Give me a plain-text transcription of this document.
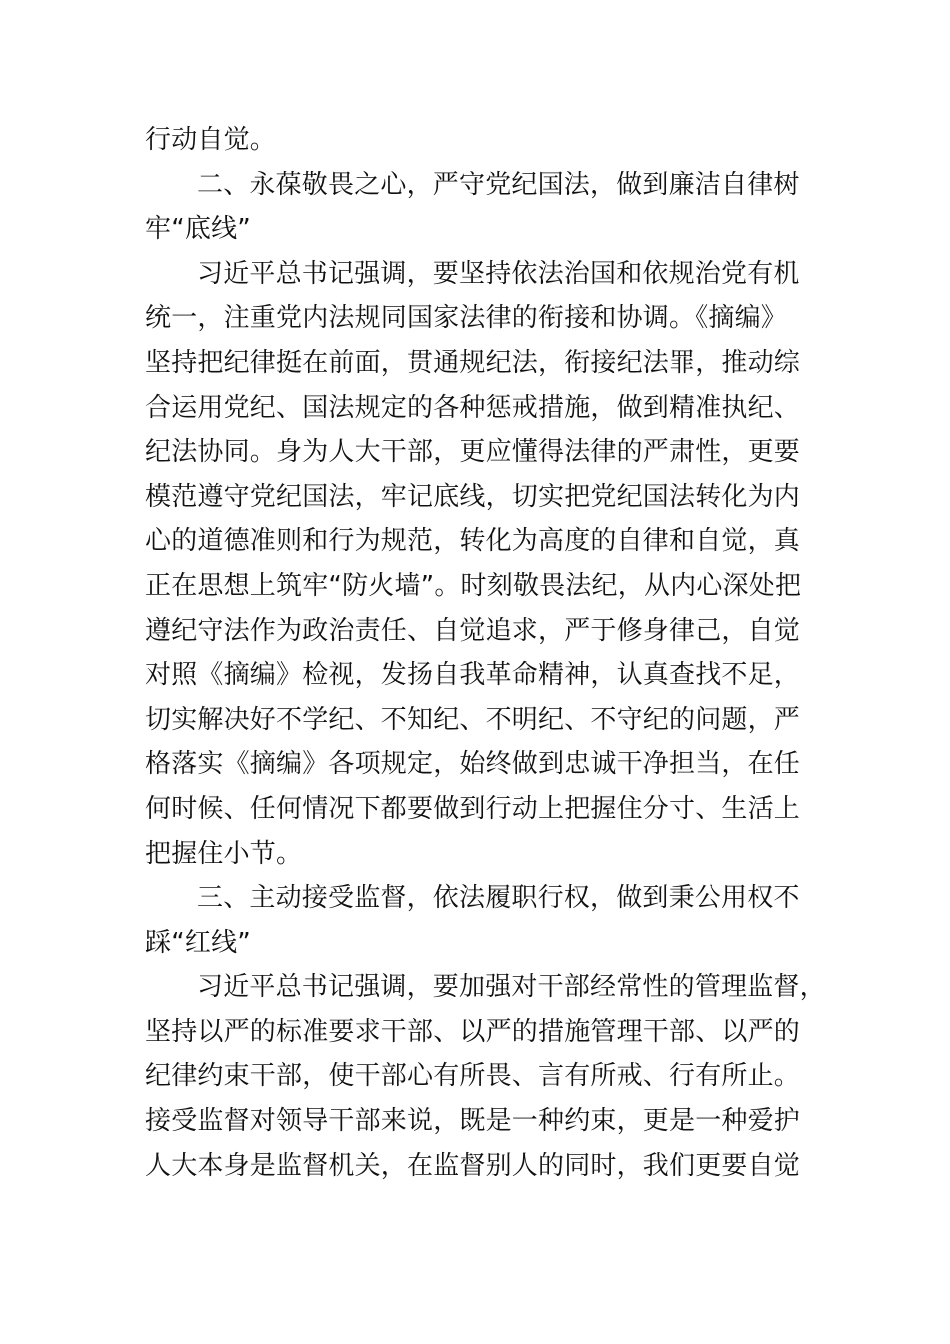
行动自觉。
二、永葆敬畏之心，严守党纪国法，做到廉洁自律树
牢“底线”
习近平总书记强调，要坚持依法治国和依规治党有机
统一，注重党内法规同国家法律的衔接和协调。《摘编》
坚持把纪律挺在前面，贯通规纪法，衔接纪法罪，推动综
合运用党纪、国法规定的各种惩戒措施，做到精准执纪、
纪法协同。身为人大干部，更应懂得法律的严肃性，更要
模范遵守党纪国法，牢记底线，切实把党纪国法转化为内
心的道德准则和行为规范，转化为高度的自律和自觉，真
正在思想上筑牢“防火墙”。时刻敬畏法纪，从内心深处把
遵纪守法作为政治责任、自觉追求，严于修身律己，自觉
对照《摘编》检视，发扬自我革命精神，认真查找不足，
切实解决好不学纪、不知纪、不明纪、不守纪的问题，严
格落实《摘编》各项规定，始终做到忠诚干净担当，在任
何时候、任何情况下都要做到行动上把握住分寸、生活上
把握住小节。
三、主动接受监督，依法履职行权，做到秉公用权不
踩“红线”
习近平总书记强调，要加强对干部经常性的管理监督，
坚持以严的标准要求干部、以严的措施管理干部、以严的
纪律约束干部，使干部心有所畏、言有所戒、行有所止。
接受监督对领导干部来说，既是一种约束，更是一种爱护
人大本身是监督机关，在监督别人的同时，我们更要自觉
